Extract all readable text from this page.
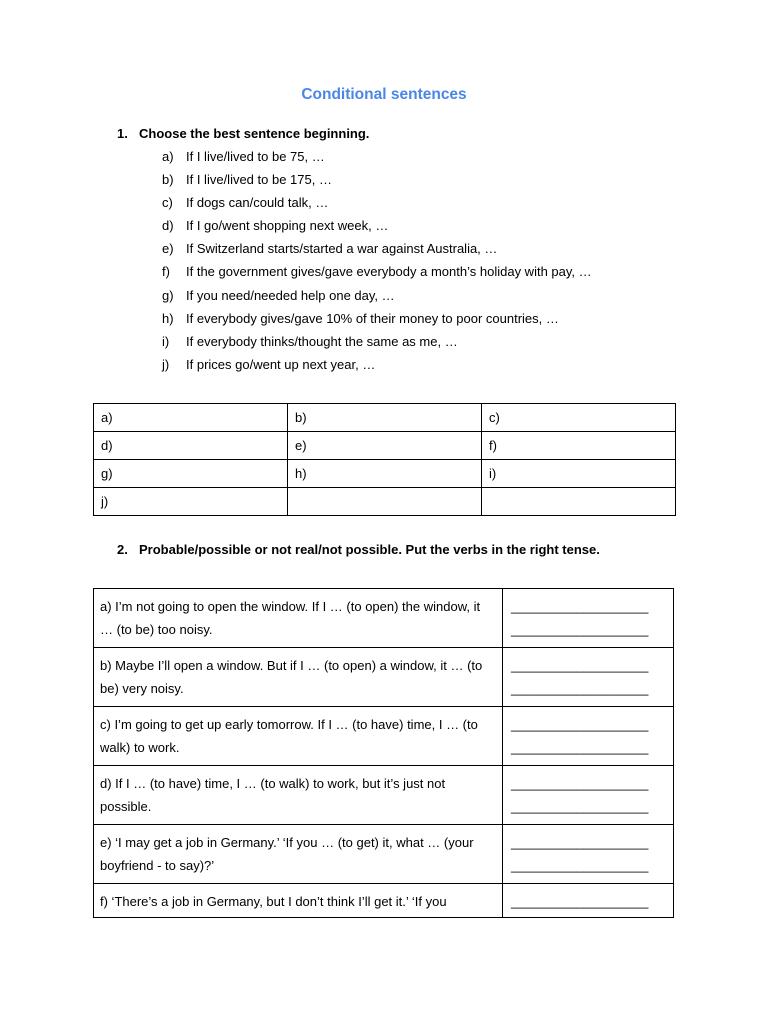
Conditional sentences
1. Choose the best sentence beginning.
a) If I live/lived to be 75, …
b) If I live/lived to be 175, …
c) If dogs can/could talk, …
d) If I go/went shopping next week, …
e) If Switzerland starts/started a war against Australia, …
f) If the government gives/gave everybody a month’s holiday with pay, …
g) If you need/needed help one day, …
h) If everybody gives/gave 10% of their money to poor countries, …
i) If everybody thinks/thought the same as me, …
j) If prices go/went up next year, …
a)	b)	c)
d)	e)	f)
g)	h)	i)
j)		
2. Probable/possible or not real/not possible. Put the verbs in the right tense.
a) I’m not going to open the window. If I … (to open) the window, it … (to be) too noisy.	___________________
___________________

b) Maybe I’ll open a window. But if I … (to open) a window, it … (to be) very noisy.	___________________
___________________

c) I’m going to get up early tomorrow. If I … (to have) time, I … (to walk) to work.	___________________
___________________

d) If I … (to have) time, I … (to walk) to work, but it’s just not possible.	___________________
___________________

e) ‘I may get a job in Germany.’ ‘If you … (to get) it, what … (your boyfriend - to say)?’	___________________
___________________

f) ‘There’s a job in Germany, but I don’t think I’ll get it.’ ‘If you	___________________
